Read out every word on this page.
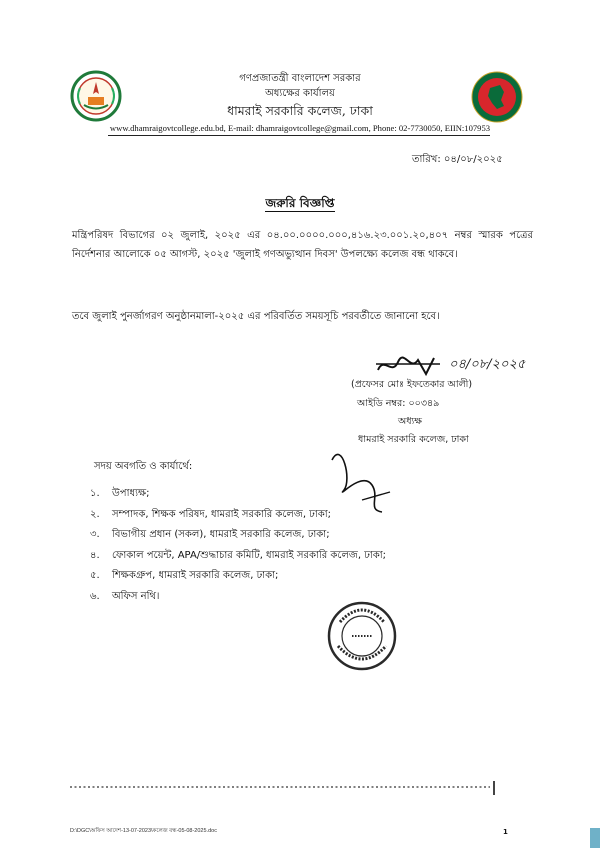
গণপ্রজাতন্ত্রী বাংলাদেশ সরকার
অধ্যক্ষের কার্যালয়
ধামরাই সরকারি কলেজ, ঢাকা
www.dhamraigovtcollege.edu.bd, E-mail: dhamraigovtcollege@gmail.com, Phone: 02-7730050, EIIN:107953
তারিখ: ০৪/০৮/২০২৫
জরুরি বিজ্ঞপ্তি
মন্ত্রিপরিষদ বিভাগের ০২ জুলাই, ২০২৫ এর ০৪.০০.০০০০.০০০,৪১৬.২৩.০০১.২০,৪০৭ নম্বর স্মারক পত্রের নির্দেশনার আলোকে ০৫ আগস্ট, ২০২৫ 'জুলাই গণঅভ্যুত্থান দিবস' উপলক্ষ্যে কলেজ বন্ধ থাকবে।
তবে জুলাই পুনর্জাগরণ অনুষ্ঠানমালা-২০২৫ এর পরিবর্তিত সময়সূচি পরবর্তীতে জানানো হবে।
০৪/০৮/২০২৫
(প্রফেসর মোঃ ইফতেকার আলী)
আইডি নম্বর: ০০৩৪৯
অধ্যক্ষ
ধামরাই সরকারি কলেজ, ঢাকা
সদয় অবগতি ও কার্যার্থে:
১. উপাধ্যক্ষ;
২. সম্পাদক, শিক্ষক পরিষদ, ধামরাই সরকারি কলেজ, ঢাকা;
৩. বিভাগীয় প্রধান (সকল), ধামরাই সরকারি কলেজ, ঢাকা;
৪. ফোকাল পয়েন্ট, APA/শুদ্ধাচার কমিটি, ধামরাই সরকারি কলেজ, ঢাকা;
৫. শিক্ষকগ্রুপ, ধামরাই সরকারি কলেজ, ঢাকা;
৬. অফিস নথি।
D:\DGC\অফিস আদেশ-13-07-2023\কলেজ বন্ধ-05-08-2025.doc	1
